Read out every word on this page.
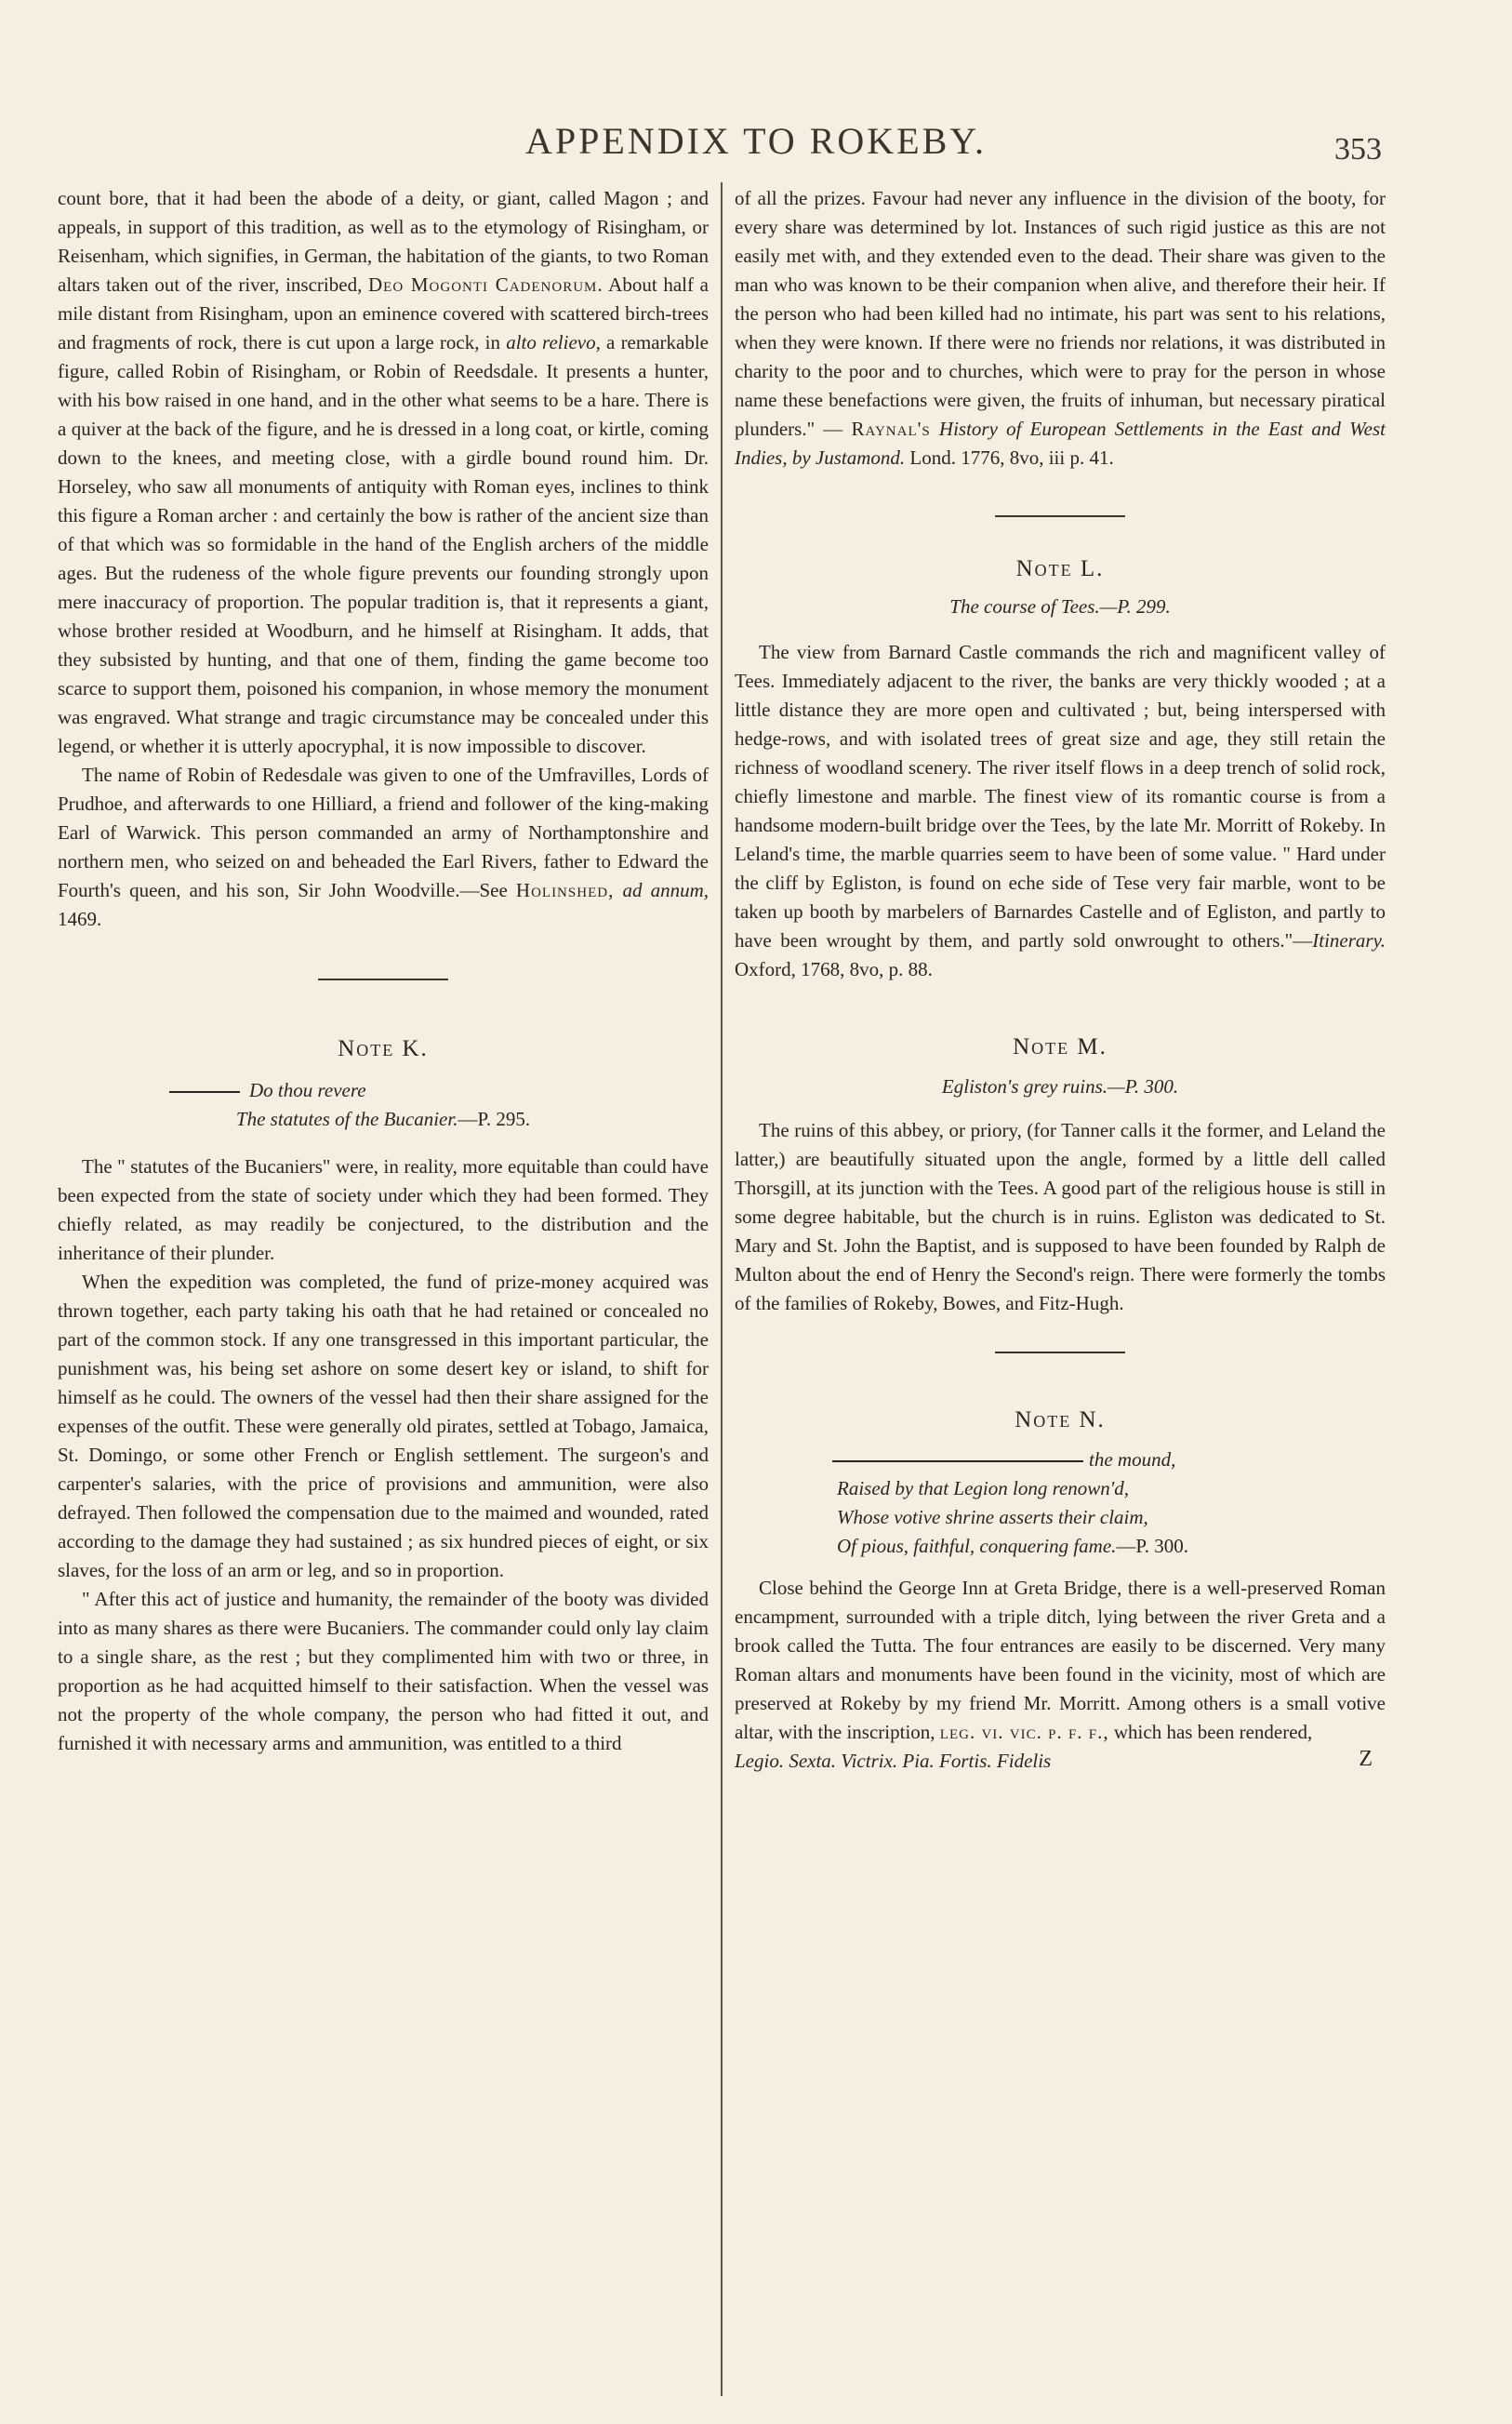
APPENDIX TO ROKEBY.	353

count bore, that it had been the abode of a deity, or giant, called Magon ; and appeals, in support of this tradition, as well as to the etymology of Risingham, or Reisenham, which signifies, in German, the habitation of the giants, to two Roman altars taken out of the river, inscribed, Deo Mogonti Cadenorum. About half a mile distant from Risingham, upon an eminence covered with scattered birch-trees and fragments of rock, there is cut upon a large rock, in alto relievo, a remarkable figure, called Robin of Risingham, or Robin of Reedsdale. It presents a hunter, with his bow raised in one hand, and in the other what seems to be a hare. There is a quiver at the back of the figure, and he is dressed in a long coat, or kirtle, coming down to the knees, and meeting close, with a girdle bound round him. Dr. Horseley, who saw all monuments of antiquity with Roman eyes, inclines to think this figure a Roman archer : and certainly the bow is rather of the ancient size than of that which was so formidable in the hand of the English archers of the middle ages. But the rudeness of the whole figure prevents our founding strongly upon mere inaccuracy of proportion. The popular tradition is, that it represents a giant, whose brother resided at Woodburn, and he himself at Risingham. It adds, that they subsisted by hunting, and that one of them, finding the game become too scarce to support them, poisoned his companion, in whose memory the monument was engraved. What strange and tragic circumstance may be concealed under this legend, or whether it is utterly apocryphal, it is now impossible to discover.

The name of Robin of Redesdale was given to one of the Umfravilles, Lords of Prudhoe, and afterwards to one Hilliard, a friend and follower of the king-making Earl of Warwick. This person commanded an army of Northamptonshire and northern men, who seized on and beheaded the Earl Rivers, father to Edward the Fourth's queen, and his son, Sir John Woodville.—See Holinshed, ad annum, 1469.

Note K.
Do thou revere
The statutes of the Bucanier.—P. 295.

The " statutes of the Bucaniers" were, in reality, more equitable than could have been expected from the state of society under which they had been formed. They chiefly related, as may readily be conjectured, to the distribution and the inheritance of their plunder.

When the expedition was completed, the fund of prize-money acquired was thrown together, each party taking his oath that he had retained or concealed no part of the common stock. If any one transgressed in this important particular, the punishment was, his being set ashore on some desert key or island, to shift for himself as he could. The owners of the vessel had then their share assigned for the expenses of the outfit. These were generally old pirates, settled at Tobago, Jamaica, St. Domingo, or some other French or English settlement. The surgeon's and carpenter's salaries, with the price of provisions and ammunition, were also defrayed. Then followed the compensation due to the maimed and wounded, rated according to the damage they had sustained ; as six hundred pieces of eight, or six slaves, for the loss of an arm or leg, and so in proportion.

" After this act of justice and humanity, the remainder of the booty was divided into as many shares as there were Bucaniers. The commander could only lay claim to a single share, as the rest ; but they complimented him with two or three, in proportion as he had acquitted himself to their satisfaction. When the vessel was not the property of the whole company, the person who had fitted it out, and furnished it with necessary arms and ammunition, was entitled to a third

of all the prizes. Favour had never any influence in the division of the booty, for every share was determined by lot. Instances of such rigid justice as this are not easily met with, and they extended even to the dead. Their share was given to the man who was known to be their companion when alive, and therefore their heir. If the person who had been killed had no intimate, his part was sent to his relations, when they were known. If there were no friends nor relations, it was distributed in charity to the poor and to churches, which were to pray for the person in whose name these benefactions were given, the fruits of inhuman, but necessary piratical plunders." — Raynal's History of European Settlements in the East and West Indies, by Justamond. Lond. 1776, 8vo, iii p. 41.

Note L.
The course of Tees.—P. 299.

The view from Barnard Castle commands the rich and magnificent valley of Tees. Immediately adjacent to the river, the banks are very thickly wooded ; at a little distance they are more open and cultivated ; but, being interspersed with hedge-rows, and with isolated trees of great size and age, they still retain the richness of woodland scenery. The river itself flows in a deep trench of solid rock, chiefly limestone and marble. The finest view of its romantic course is from a handsome modern-built bridge over the Tees, by the late Mr. Morritt of Rokeby. In Leland's time, the marble quarries seem to have been of some value. " Hard under the cliff by Egliston, is found on eche side of Tese very fair marble, wont to be taken up booth by marbelers of Barnardes Castelle and of Egliston, and partly to have been wrought by them, and partly sold onwrought to others."—Itinerary. Oxford, 1768, 8vo, p. 88.

Note M.
Egliston's grey ruins.—P. 300.

The ruins of this abbey, or priory, (for Tanner calls it the former, and Leland the latter,) are beautifully situated upon the angle, formed by a little dell called Thorsgill, at its junction with the Tees. A good part of the religious house is still in some degree habitable, but the church is in ruins. Egliston was dedicated to St. Mary and St. John the Baptist, and is supposed to have been founded by Ralph de Multon about the end of Henry the Second's reign. There were formerly the tombs of the families of Rokeby, Bowes, and Fitz-Hugh.

Note N.
the mound,
Raised by that Legion long renown'd,
Whose votive shrine asserts their claim,
Of pious, faithful, conquering fame.—P. 300.

Close behind the George Inn at Greta Bridge, there is a well-preserved Roman encampment, surrounded with a triple ditch, lying between the river Greta and a brook called the Tutta. The four entrances are easily to be discerned. Very many Roman altars and monuments have been found in the vicinity, most of which are preserved at Rokeby by my friend Mr. Morritt. Among others is a small votive altar, with the inscription, leg. vi. vic. p. f. f., which has been rendered,

Legio. Sexta. Victrix. Pia. Fortis. Fidelis	Z
